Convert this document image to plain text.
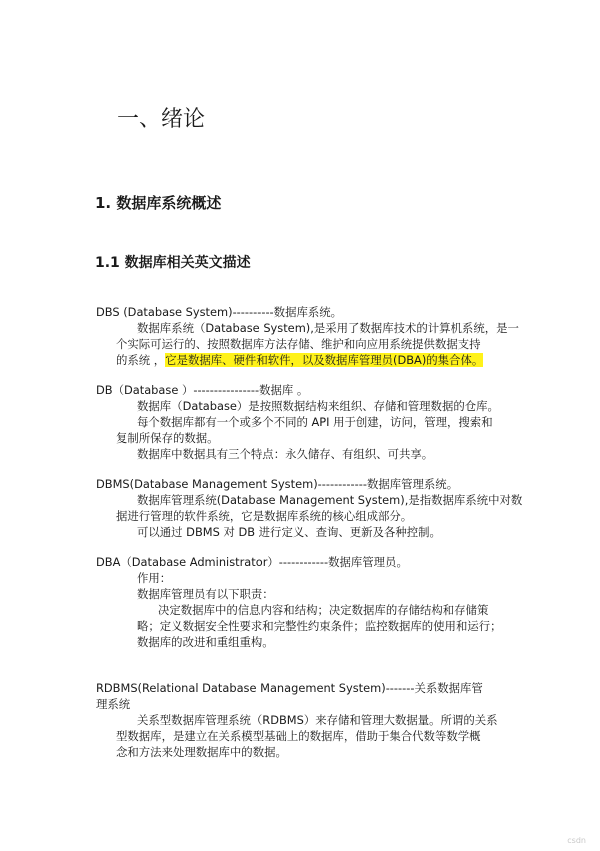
一、绪论
1. 数据库系统概述
1.1 数据库相关英文描述
DBS (Database System)----------数据库系统。
数据库系统（Database System),是采用了数据库技术的计算机系统，是一
个实际可运行的、按照数据库方法存储、维护和向应用系统提供数据支持
的系统 ，它是数据库、硬件和软件，以及数据库管理员(DBA)的集合体。
DB（Database ）----------------数据库 。
数据库（Database）是按照数据结构来组织、存储和管理数据的仓库。
每个数据库都有一个或多个不同的 API 用于创建，访问，管理，搜索和
复制所保存的数据。
数据库中数据具有三个特点：永久储存、有组织、可共享。
DBMS(Database Management System)------------数据库管理系统。
数据库管理系统(Database Management System),是指数据库系统中对数
据进行管理的软件系统，它是数据库系统的核心组成部分。
可以通过 DBMS 对 DB 进行定义、查询、更新及各种控制。
DBA（Database Administrator）------------数据库管理员。
作用：
数据库管理员有以下职责：
决定数据库中的信息内容和结构；决定数据库的存储结构和存储策
略；定义数据安全性要求和完整性约束条件；监控数据库的使用和运行；
数据库的改进和重组重构。
RDBMS(Relational Database Management System)-------关系数据库管
理系统
关系型数据库管理系统（RDBMS）来存储和管理大数据量。所谓的关系
型数据库，是建立在关系模型基础上的数据库，借助于集合代数等数学概
念和方法来处理数据库中的数据。
csdn
